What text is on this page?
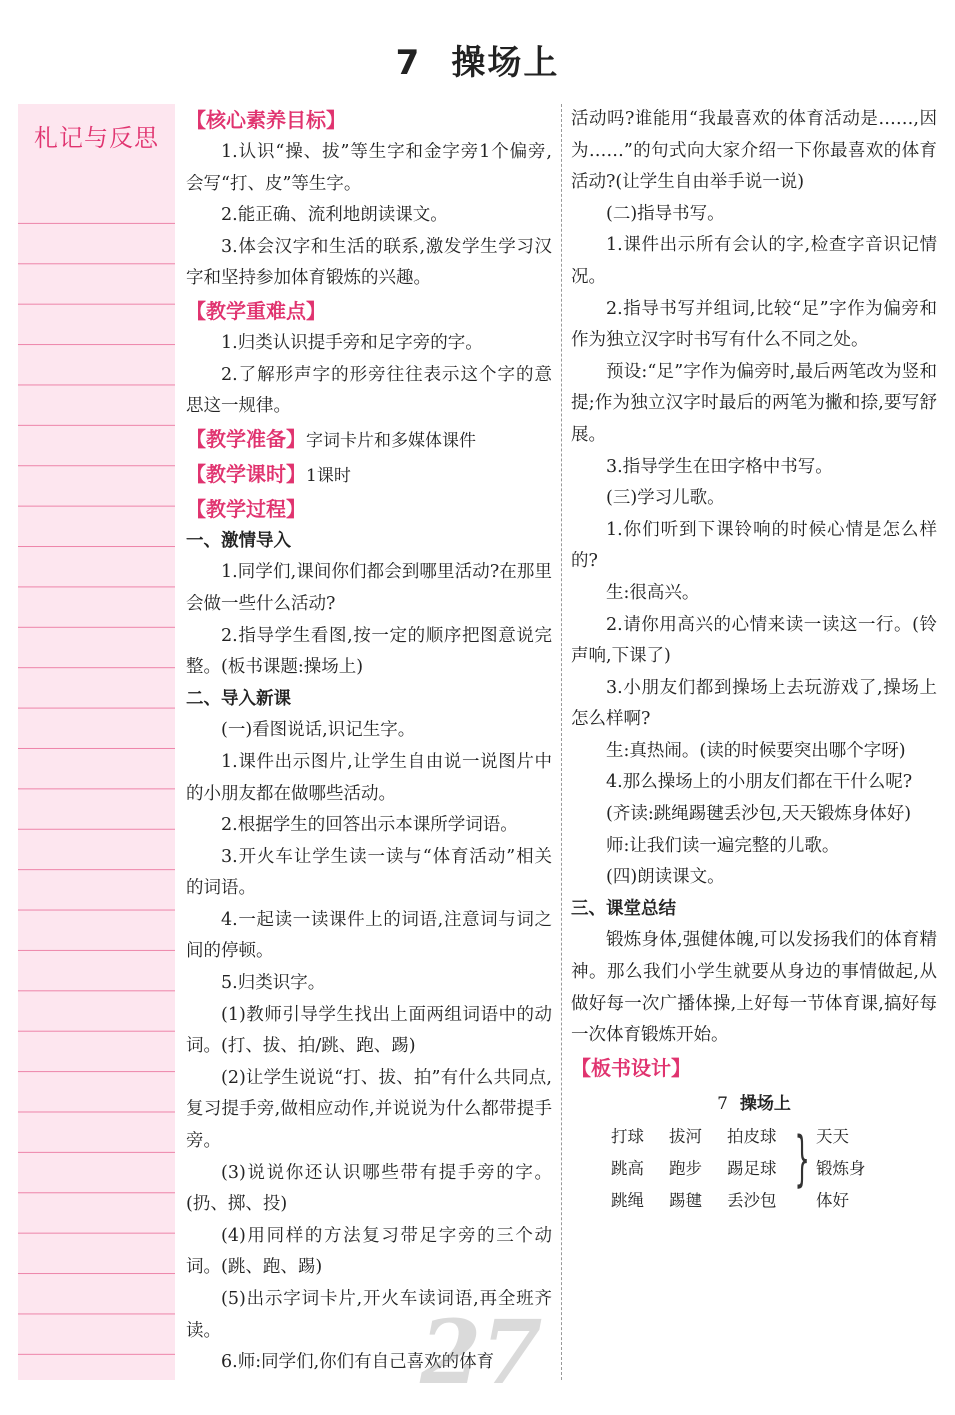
7 操场上
札记与反思

【核心素养目标】

1.认识“操、拔”等生字和金字旁1个偏旁,会写“打、皮”等生字。

2.能正确、流利地朗读课文。

3.体会汉字和生活的联系,激发学生学习汉字和坚持参加体育锻炼的兴趣。

【教学重难点】

1.归类认识提手旁和足字旁的字。

2.了解形声字的形旁往往表示这个字的意思这一规律。

【教学准备】字词卡片和多媒体课件

【教学课时】1课时

【教学过程】

一、激情导入

1.同学们,课间你们都会到哪里活动?在那里会做一些什么活动?

2.指导学生看图,按一定的顺序把图意说完整。(板书课题:操场上)

二、导入新课

(一)看图说话,识记生字。

1.课件出示图片,让学生自由说一说图片中的小朋友都在做哪些活动。

2.根据学生的回答出示本课所学词语。

3.开火车让学生读一读与“体育活动”相关的词语。

4.一起读一读课件上的词语,注意词与词之间的停顿。

5.归类识字。

(1)教师引导学生找出上面两组词语中的动词。(打、拔、拍/跳、跑、踢)

(2)让学生说说“打、拔、拍”有什么共同点,复习提手旁,做相应动作,并说说为什么都带提手旁。

(3)说说你还认识哪些带有提手旁的字。(扔、掷、投)

(4)用同样的方法复习带足字旁的三个动词。(跳、跑、踢)

(5)出示字词卡片,开火车读词语,再全班齐读。

6.师:同学们,你们有自己喜欢的体育

活动吗?谁能用“我最喜欢的体育活动是……,因为……”的句式向大家介绍一下你最喜欢的体育活动?(让学生自由举手说一说)

(二)指导书写。

1.课件出示所有会认的字,检查字音识记情况。

2.指导书写并组词,比较“足”字作为偏旁和作为独立汉字时书写有什么不同之处。

预设:“足”字作为偏旁时,最后两笔改为竖和提;作为独立汉字时最后的两笔为撇和捺,要写舒展。

3.指导学生在田字格中书写。

(三)学习儿歌。

1.你们听到下课铃响的时候心情是怎么样的?

生:很高兴。

2.请你用高兴的心情来读一读这一行。(铃声响,下课了)

3.小朋友们都到操场上去玩游戏了,操场上怎么样啊?

生:真热闹。(读的时候要突出哪个字呀)

4.那么操场上的小朋友们都在干什么呢?

(齐读:跳绳踢毽丢沙包,天天锻炼身体好)

师:让我们读一遍完整的儿歌。

(四)朗读课文。

三、课堂总结

锻炼身体,强健体魄,可以发扬我们的体育精神。那么我们小学生就要从身边的事情做起,从做好每一次广播体操,上好每一节体育课,搞好每一次体育锻炼开始。

【板书设计】

7 操场上
打球 拔河 拍皮球
跳高 跑步 踢足球
跳绳 踢毽 丢沙包
} 天天
锻炼身
体好
27
